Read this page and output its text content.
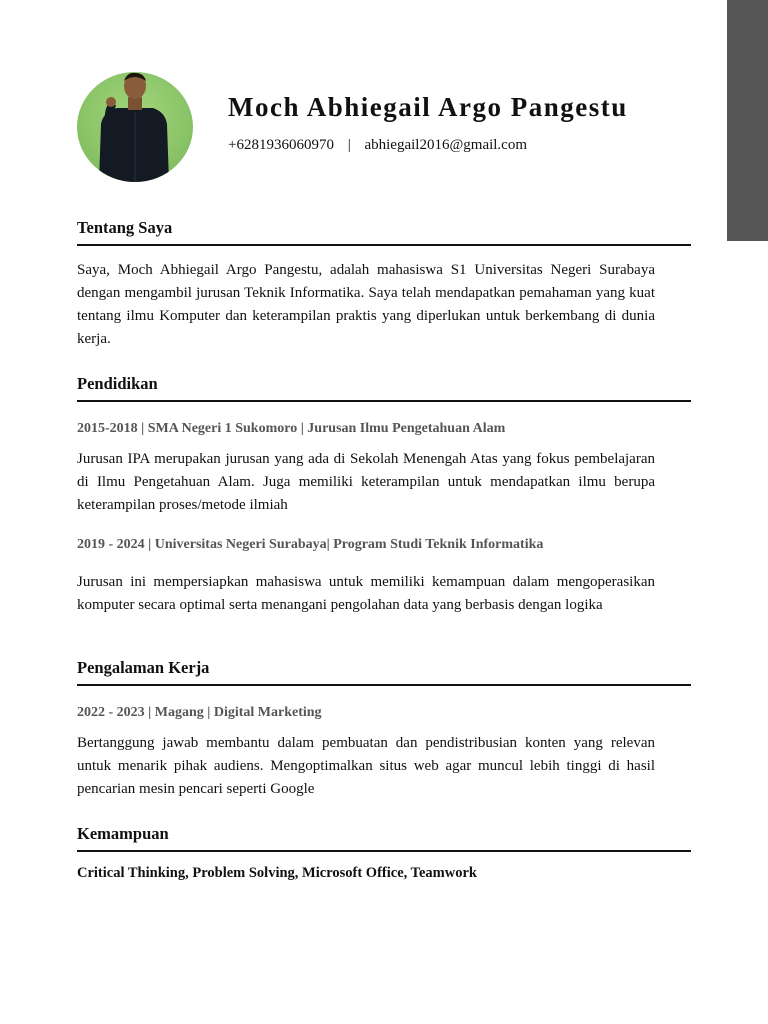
Moch Abhiegail Argo Pangestu
+6281936060970 | abhiegail2016@gmail.com
Tentang Saya
Saya, Moch Abhiegail Argo Pangestu, adalah mahasiswa S1 Universitas Negeri Surabaya dengan mengambil jurusan Teknik Informatika. Saya telah mendapatkan pemahaman yang kuat tentang ilmu Komputer dan keterampilan praktis yang diperlukan untuk berkembang di dunia kerja.
Pendidikan
2015-2018 | SMA Negeri 1 Sukomoro | Jurusan Ilmu Pengetahuan Alam
Jurusan IPA merupakan jurusan yang ada di Sekolah Menengah Atas yang fokus pembelajaran di Ilmu Pengetahuan Alam. Juga memiliki keterampilan untuk mendapatkan ilmu berupa keterampilan proses/metode ilmiah
2019 - 2024 | Universitas Negeri Surabaya| Program Studi Teknik Informatika
Jurusan ini mempersiapkan mahasiswa untuk memiliki kemampuan dalam mengoperasikan komputer secara optimal serta menangani pengolahan data yang berbasis dengan logika
Pengalaman Kerja
2022 - 2023 | Magang | Digital Marketing
Bertanggung jawab membantu dalam pembuatan dan pendistribusian konten yang relevan untuk menarik pihak audiens. Mengoptimalkan situs web agar muncul lebih tinggi di hasil pencarian mesin pencari seperti Google
Kemampuan
Critical Thinking, Problem Solving, Microsoft Office, Teamwork
